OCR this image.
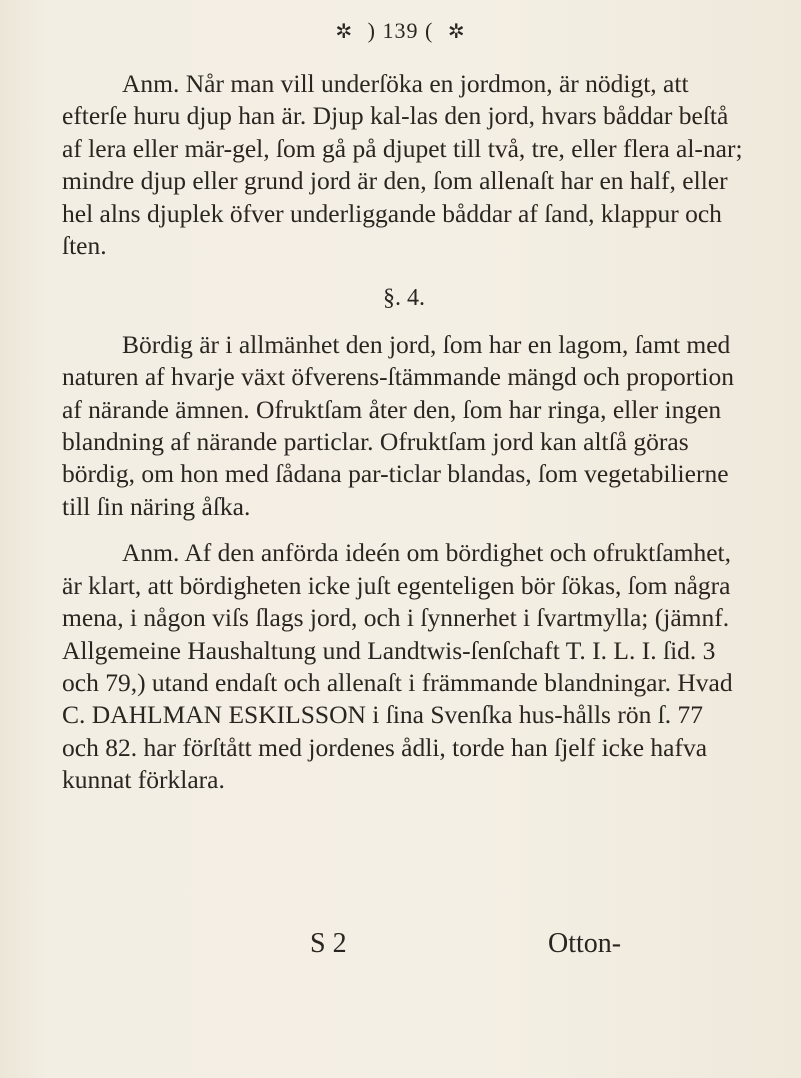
✲ ) 139 ( ✲

Anm. Når man vill underſöka en jordmon, är nödigt, att efterſe huru djup han är. Djup kal-las den jord, hvars båddar beſtå af lera eller mär-gel, ſom gå på djupet till två, tre, eller flera al-nar; mindre djup eller grund jord är den, ſom allenaſt har en half, eller hel alns djuplek öfver underliggande båddar af ſand, klappur och ſten.

§. 4.

Bördig är i allmänhet den jord, ſom har en lagom, ſamt med naturen af hvarje växt öfverens-ſtämmande mängd och proportion af närande ämnen. Ofruktſam åter den, ſom har ringa, eller ingen blandning af närande particlar. Ofruktſam jord kan altſå göras bördig, om hon med ſådana par-ticlar blandas, ſom vegetabilierne till ſin näring åſka.

Anm. Af den anförda ideén om bördighet och ofruktſamhet, är klart, att bördigheten icke juſt egenteligen bör ſökas, ſom några mena, i någon viſs ſlags jord, och i ſynnerhet i ſvartmylla; (jämnf. Allgemeine Haushaltung und Landtwis-ſenſchaft T. I. L. I. ſid. 3 och 79,) utand endaſt och allenaſt i främmande blandningar. Hvad C. DAHLMAN ESKILSSON i ſina Svenſka hus-hålls rön ſ. 77 och 82. har förſtått med jordenes ådli, torde han ſjelf icke hafva kunnat förklara.

S 2	Otton-
